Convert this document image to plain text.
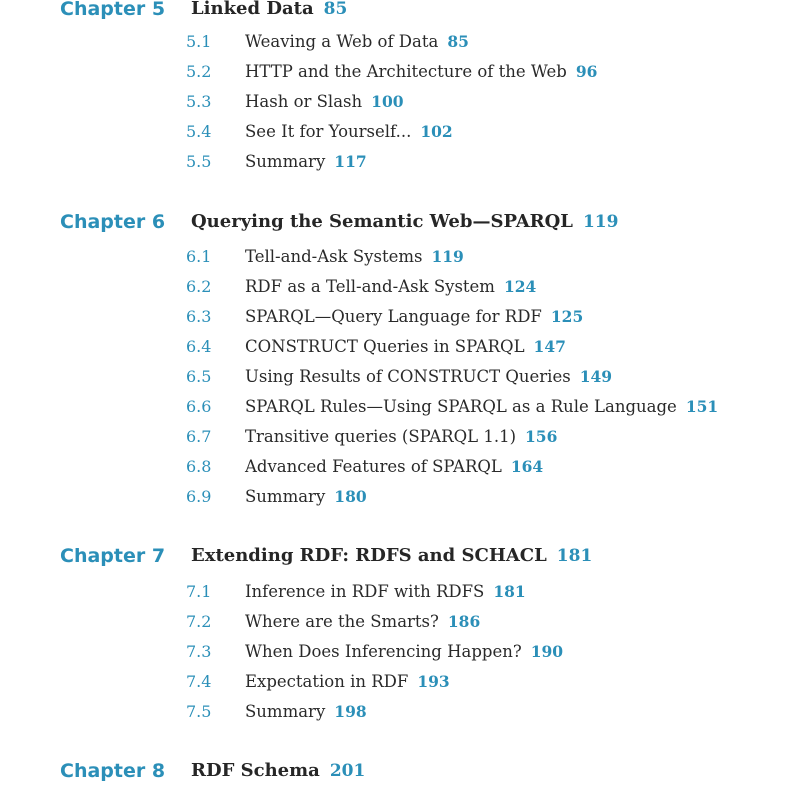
Chapter 5 Linked Data 85
5.1 Weaving a Web of Data 85
5.2 HTTP and the Architecture of the Web 96
5.3 Hash or Slash 100
5.4 See It for Yourself... 102
5.5 Summary 117
Chapter 6 Querying the Semantic Web—SPARQL 119
6.1 Tell-and-Ask Systems 119
6.2 RDF as a Tell-and-Ask System 124
6.3 SPARQL—Query Language for RDF 125
6.4 CONSTRUCT Queries in SPARQL 147
6.5 Using Results of CONSTRUCT Queries 149
6.6 SPARQL Rules—Using SPARQL as a Rule Language 151
6.7 Transitive queries (SPARQL 1.1) 156
6.8 Advanced Features of SPARQL 164
6.9 Summary 180
Chapter 7 Extending RDF: RDFS and SCHACL 181
7.1 Inference in RDF with RDFS 181
7.2 Where are the Smarts? 186
7.3 When Does Inferencing Happen? 190
7.4 Expectation in RDF 193
7.5 Summary 198
Chapter 8 RDF Schema 201
